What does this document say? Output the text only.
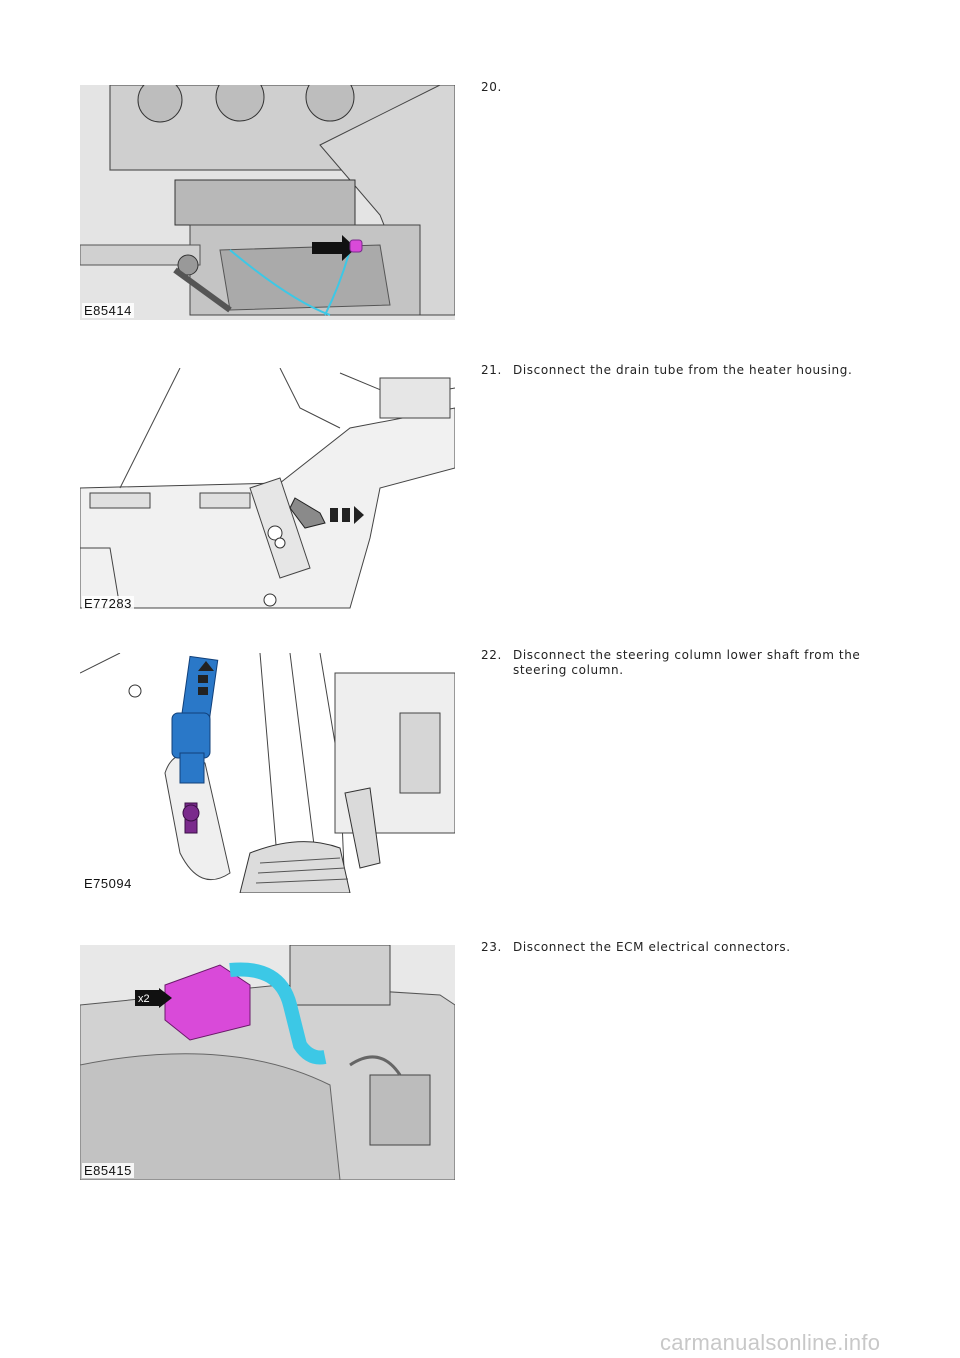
E85414
20.
E77283
21. Disconnect the drain tube from the heater housing.
E75094
22. Disconnect the steering column lower shaft from the steering column.
x2
E85415
23. Disconnect the ECM electrical connectors.
carmanualsonline.info
